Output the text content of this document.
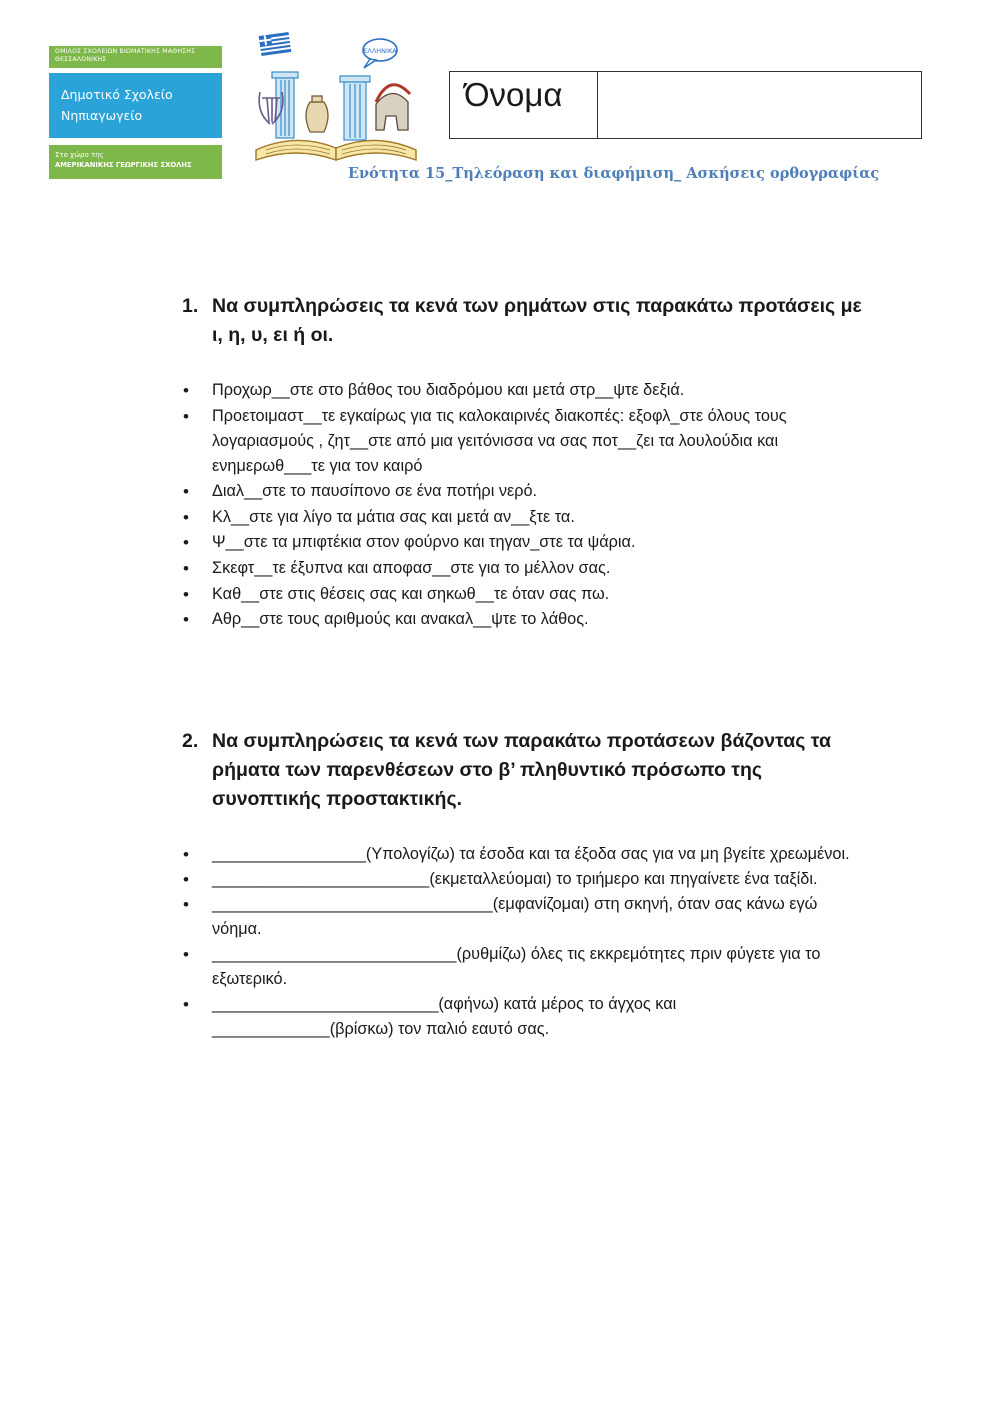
ΟΜΙΛΟΣ ΣΧΟΛΕΙΩΝ ΒΙΩΜΑΤΙΚΗΣ ΜΑΘΗΣΗΣ ΘΕΣΣΑΛΟΝΙΚΗΣ
Δημοτικό Σχολείο
Νηπιαγωγείο
Στο χώρο της
ΑΜΕΡΙΚΑΝΙΚΗΣ ΓΕΩΡΓΙΚΗΣ ΣΧΟΛΗΣ
ΕΛΛΗΝΙΚΑ
Όνομα
Ενότητα 15_Τηλεόραση και διαφήμιση_ Ασκήσεις ορθογραφίας
1. Να συμπληρώσεις τα κενά των ρημάτων στις παρακάτω προτάσεις με ι, η, υ, ει ή οι.
• Προχωρ__στε στο βάθος του διαδρόμου και μετά στρ__ψτε δεξιά.
• Προετοιμαστ__τε εγκαίρως για τις καλοκαιρινές διακοπές: εξοφλ_στε όλους τους λογαριασμούς , ζητ__στε από μια γειτόνισσα να σας ποτ__ζει τα λουλούδια και ενημερωθ___τε για τον καιρό
• Διαλ__στε το παυσίπονο σε ένα ποτήρι νερό.
• Κλ__στε για λίγο τα μάτια σας και μετά αν__ξτε τα.
• Ψ__στε τα μπιφτέκια στον φούρνο και τηγαν_στε τα ψάρια.
• Σκεφτ__τε έξυπνα και αποφασ__στε για το μέλλον σας.
• Καθ__στε στις θέσεις σας και σηκωθ__τε όταν σας πω.
• Αθρ__στε τους αριθμούς και ανακαλ__ψτε το λάθος.
2. Να συμπληρώσεις τα κενά των παρακάτω προτάσεων βάζοντας τα ρήματα των παρενθέσεων στο β’ πληθυντικό πρόσωπο της συνοπτικής προστακτικής.
• _________________(Υπολογίζω) τα έσοδα και τα έξοδα σας για να μη βγείτε χρεωμένοι.
• ________________________(εκμεταλλεύομαι) το τριήμερο και πηγαίνετε ένα ταξίδι.
• _______________________________(εμφανίζομαι) στη σκηνή, όταν σας κάνω εγώ νόημα.
• ___________________________(ρυθμίζω) όλες τις εκκρεμότητες πριν φύγετε για το εξωτερικό.
• _________________________(αφήνω) κατά μέρος το άγχος και _____________(βρίσκω) τον παλιό εαυτό σας.
